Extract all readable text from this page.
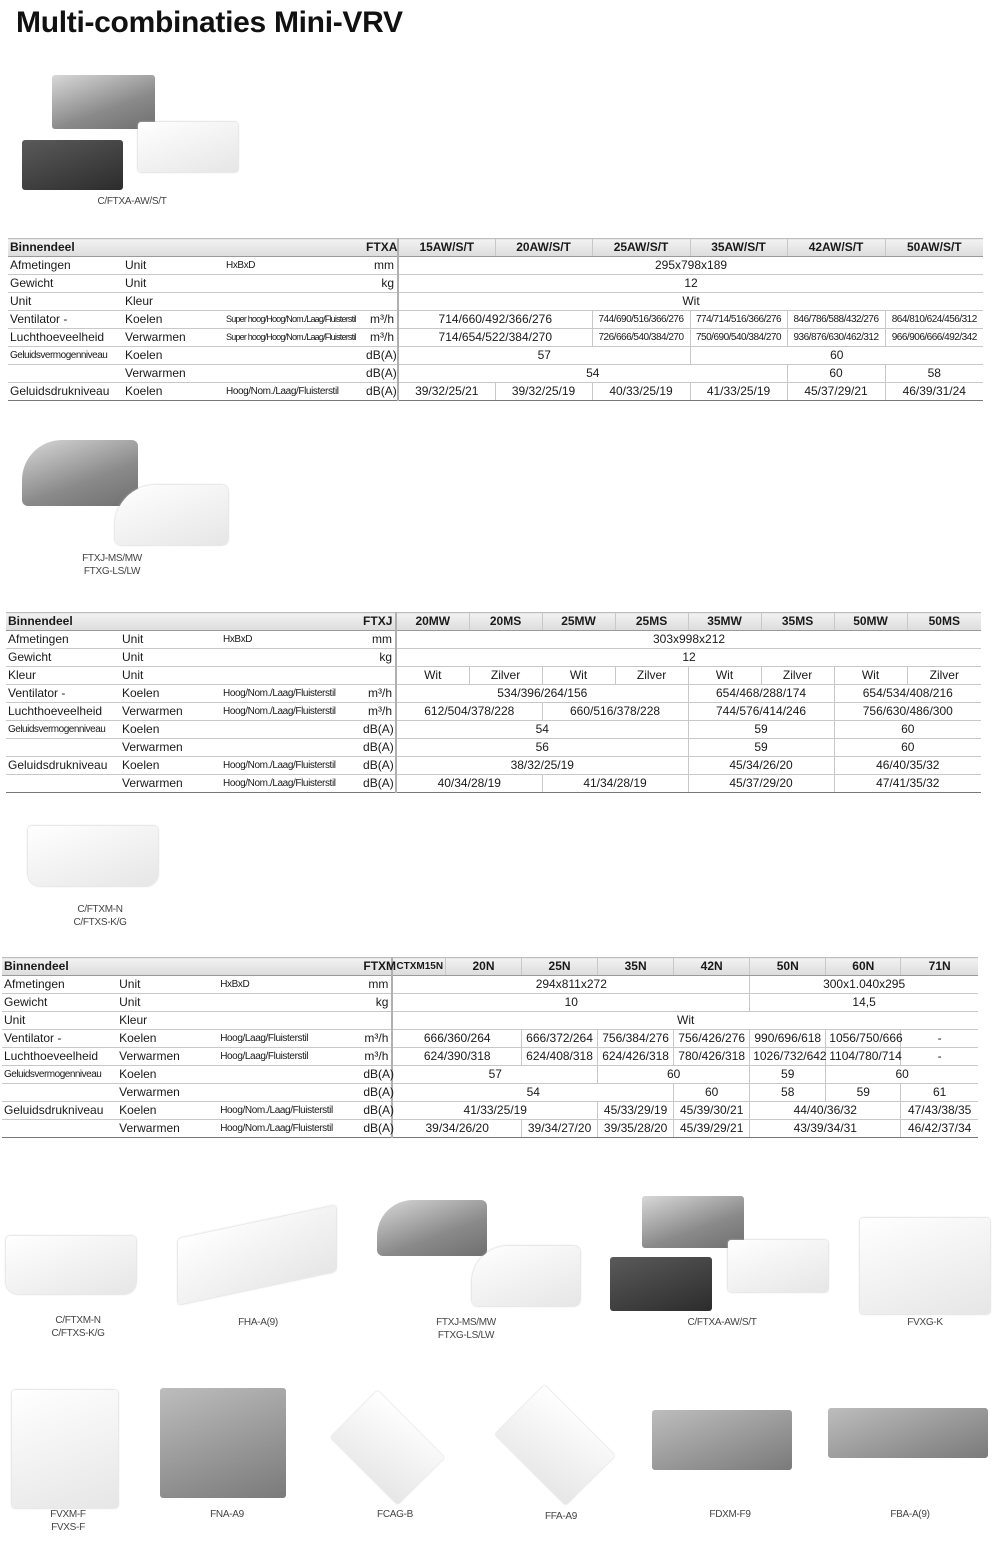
Multi-combinaties Mini-VRV
C/FTXA-AW/S/T
FTXJ-MS/MW
FTXG-LS/LW
C/FTXM-N
C/FTXS-K/G
Binnendeel			FTXA	15AW/S/T	20AW/S/T	25AW/S/T	35AW/S/T	42AW/S/T	50AW/S/T
Afmetingen	Unit	HxBxD	mm	295x798x189					
Gewicht	Unit		kg	12					
Unit	Kleur			Wit					
Ventilator -	Koelen	Super hoog/Hoog/Nom./Laag/Fluisterstil	m³/h	714/660/492/366/276		744/690/516/366/276	774/714/516/366/276	846/786/588/432/276	864/810/624/456/312
Luchthoeveelheid	Verwarmen	Super hoog/Hoog/Nom./Laag/Fluisterstil	m³/h	714/654/522/384/270		726/666/540/384/270	750/690/540/384/270	936/876/630/462/312	966/906/666/492/342
Geluidsvermogenniveau	Koelen		dB(A)	57			60		
	Verwarmen		dB(A)	54				60	58
Geluidsdrukniveau	Koelen	Hoog/Nom./Laag/Fluisterstil	dB(A)	39/32/25/21	39/32/25/19	40/33/25/19	41/33/25/19	45/37/29/21	46/39/31/24
Binnendeel			FTXJ	20MW	20MS	25MW	25MS	35MW	35MS	50MW	50MS
Afmetingen	Unit	HxBxD	mm	303x998x212							
Gewicht	Unit		kg	12							
Kleur	Unit			Wit	Zilver	Wit	Zilver	Wit	Zilver	Wit	Zilver
Ventilator -	Koelen	Hoog/Nom./Laag/Fluisterstil	m³/h	534/396/264/156				654/468/288/174		654/534/408/216	
Luchthoeveelheid	Verwarmen	Hoog/Nom./Laag/Fluisterstil	m³/h	612/504/378/228		660/516/378/228		744/576/414/246		756/630/486/300	
Geluidsvermogenniveau	Koelen		dB(A)	54				59		60	
	Verwarmen		dB(A)	56				59		60	
Geluidsdrukniveau	Koelen	Hoog/Nom./Laag/Fluisterstil	dB(A)	38/32/25/19				45/34/26/20		46/40/35/32	
	Verwarmen	Hoog/Nom./Laag/Fluisterstil	dB(A)	40/34/28/19		41/34/28/19		45/37/29/20		47/41/35/32	
Binnendeel			FTXM	CTXM15N	20N	25N	35N	42N	50N	60N	71N
Afmetingen	Unit	HxBxD	mm	294x811x272					300x1.040x295		
Gewicht	Unit		kg	10					14,5		
Unit	Kleur			Wit							
Ventilator -	Koelen	Hoog/Laag/Fluisterstil	m³/h	666/360/264		666/372/264	756/384/276	756/426/276	990/696/618	1056/750/666	-
Luchthoeveelheid	Verwarmen	Hoog/Laag/Fluisterstil	m³/h	624/390/318		624/408/318	624/426/318	780/426/318	1026/732/642	1104/780/714	-
Geluidsvermogenniveau	Koelen		dB(A)	57			60		59	60	
	Verwarmen		dB(A)	54				60	58	59	61
Geluidsdrukniveau	Koelen	Hoog/Nom./Laag/Fluisterstil	dB(A)	41/33/25/19			45/33/29/19	45/39/30/21	44/40/36/32		47/43/38/35
	Verwarmen	Hoog/Nom./Laag/Fluisterstil	dB(A)	39/34/26/20		39/34/27/20	39/35/28/20	45/39/29/21	43/39/34/31		46/42/37/34
C/FTXM-N
C/FTXS-K/G
FHA-A(9)	FTXJ-MS/MW
FTXG-LS/LW
C/FTXA-AW/S/T	FVXG-K
FVXM-F
FVXS-F
FNA-A9	FCAG-B	FFA-A9	FDXM-F9	FBA-A(9)
